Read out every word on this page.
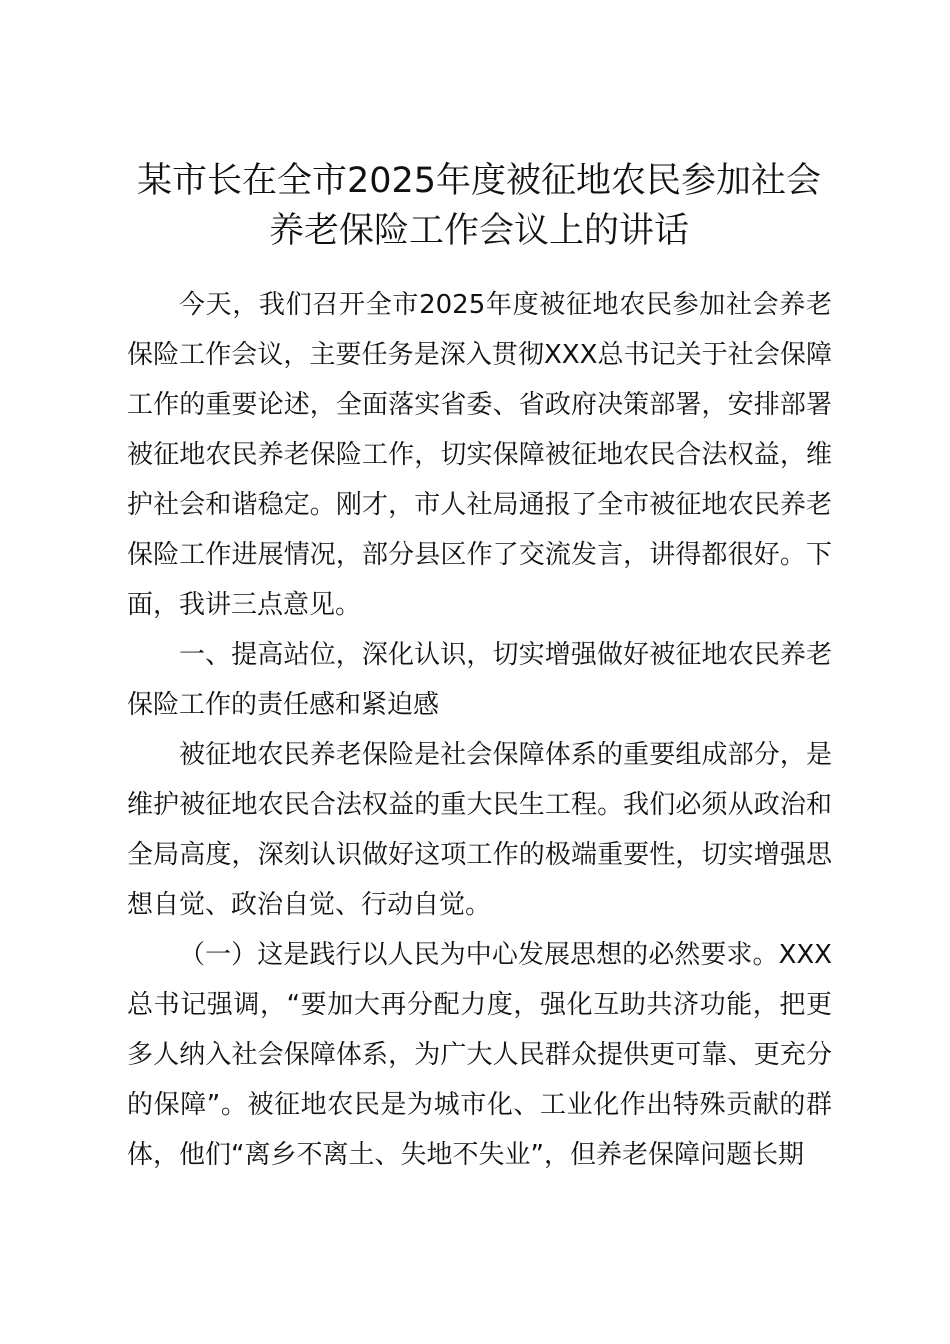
某市长在全市2025年度被征地农民参加社会
养老保险工作会议上的讲话

今天，我们召开全市2025年度被征地农民参加社会养老保险工作会议，主要任务是深入贯彻XXX总书记关于社会保障工作的重要论述，全面落实省委、省政府决策部署，安排部署被征地农民养老保险工作，切实保障被征地农民合法权益，维护社会和谐稳定。刚才，市人社局通报了全市被征地农民养老保险工作进展情况，部分县区作了交流发言，讲得都很好。下面，我讲三点意见。

一、提高站位，深化认识，切实增强做好被征地农民养老保险工作的责任感和紧迫感

被征地农民养老保险是社会保障体系的重要组成部分，是维护被征地农民合法权益的重大民生工程。我们必须从政治和全局高度，深刻认识做好这项工作的极端重要性，切实增强思想自觉、政治自觉、行动自觉。

（一）这是践行以人民为中心发展思想的必然要求。XXX总书记强调，“要加大再分配力度，强化互助共济功能，把更多人纳入社会保障体系，为广大人民群众提供更可靠、更充分的保障”。被征地农民是为城市化、工业化作出特殊贡献的群体，他们“离乡不离土、失地不失业”，但养老保障问题长期
